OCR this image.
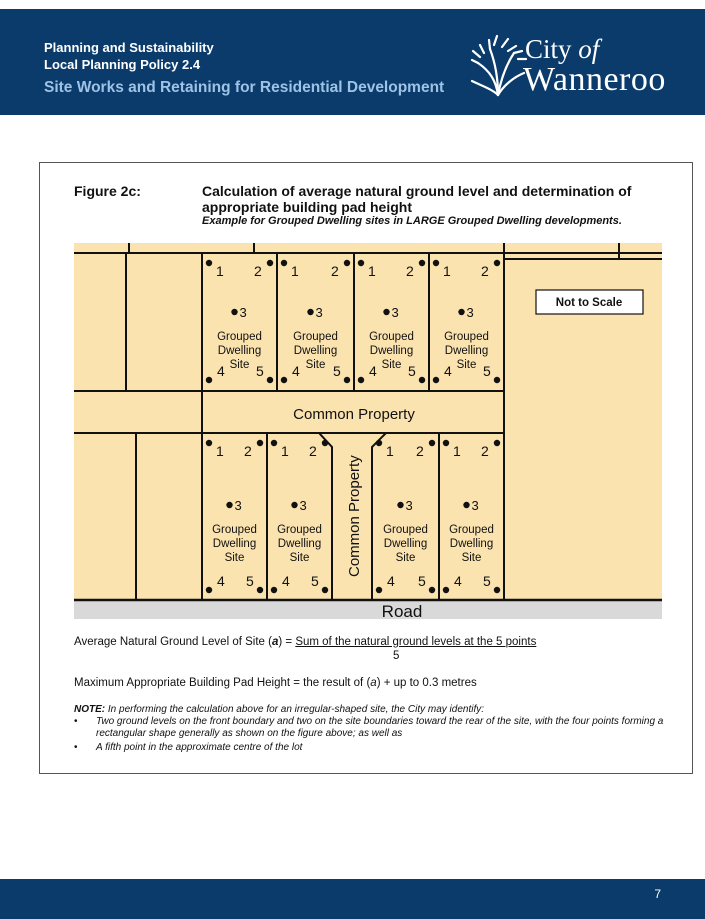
Planning and Sustainability
Local Planning Policy 2.4
Site Works and Retaining for Residential Development
City of
Wanneroo
Figure 2c:	Calculation of average natural ground level and determination of appropriate building pad height
Example for Grouped Dwelling sites in LARGE Grouped Dwelling developments.
Road
Not to Scale
Common Property
Common Property
1 2
3
Grouped
Dwelling
Site
4 5
1 2
3
Grouped
Dwelling
Site
4 5
1 2
3
Grouped
Dwelling
Site
4 5
1 2
3
Grouped
Dwelling
Site
4 5
1 2
3
Grouped
Dwelling
Site
4 5
1 2
3
Grouped
Dwelling
Site
4 5
1 2
3
Grouped
Dwelling
Site
4 5
1 2
3
Grouped
Dwelling
Site
4 5
Average Natural Ground Level of Site (a) = Sum of the natural ground levels at the 5 points
5
Maximum Appropriate Building Pad Height = the result of (a) + up to 0.3 metres
NOTE: In performing the calculation above for an irregular-shaped site, the City may identify:
• Two ground levels on the front boundary and two on the site boundaries toward the rear of the site, with the four points forming a rectangular shape generally as shown on the figure above; as well as
• A fifth point in the approximate centre of the lot
7
